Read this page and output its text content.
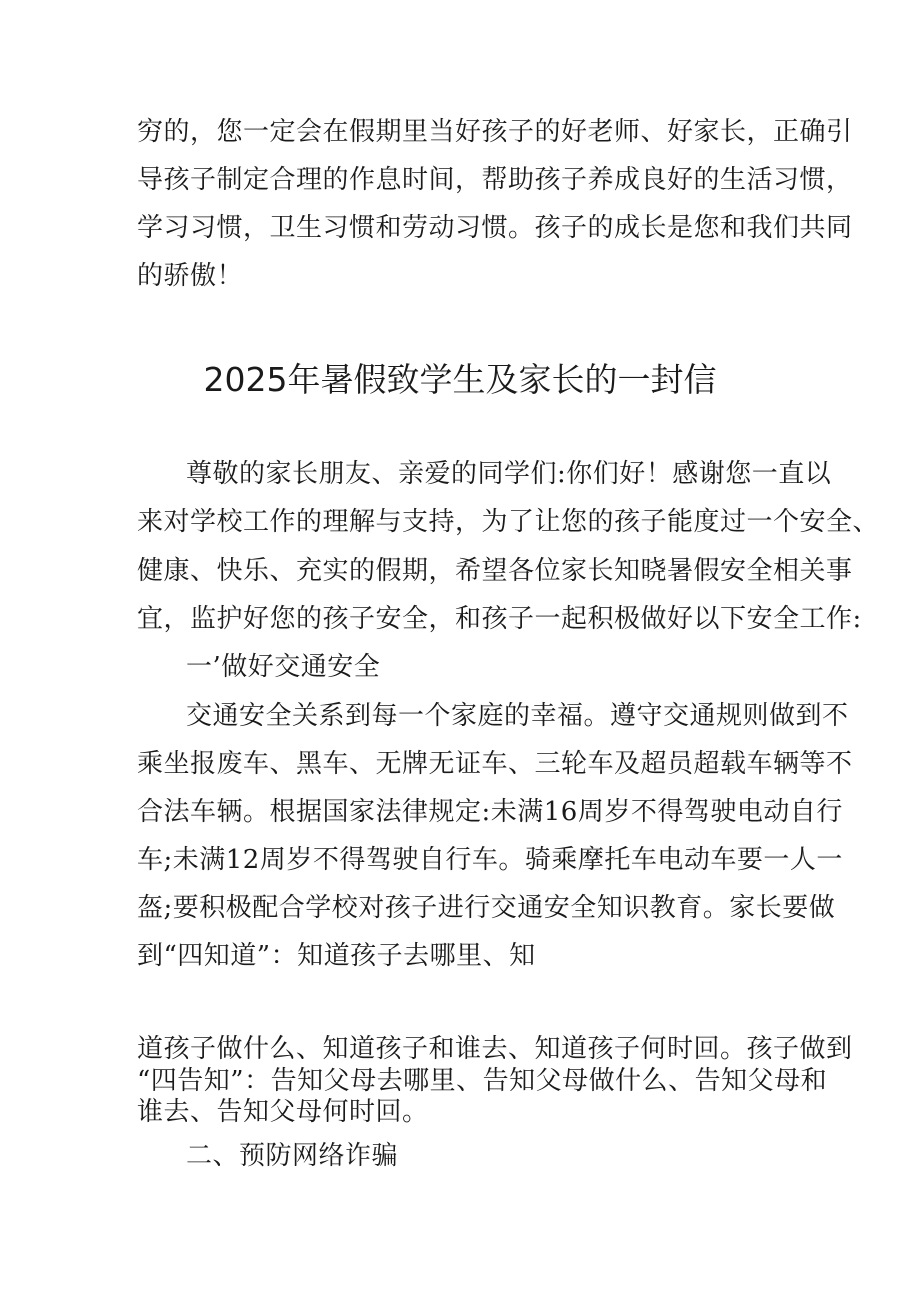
穷的，您一定会在假期里当好孩子的好老师、好家长，正确引
导孩子制定合理的作息时间，帮助孩子养成良好的生活习惯，
学习习惯，卫生习惯和劳动习惯。孩子的成长是您和我们共同
的骄傲！
2025年暑假致学生及家长的一封信
尊敬的家长朋友、亲爱的同学们:你们好！感谢您一直以
来对学校工作的理解与支持，为了让您的孩子能度过一个安全、
健康、快乐、充实的假期，希望各位家长知晓暑假安全相关事
宜，监护好您的孩子安全，和孩子一起积极做好以下安全工作:
一’做好交通安全
交通安全关系到每一个家庭的幸福。遵守交通规则做到不
乘坐报废车、黑车、无牌无证车、三轮车及超员超载车辆等不
合法车辆。根据国家法律规定:未满16周岁不得驾驶电动自行
车;未满12周岁不得驾驶自行车。骑乘摩托车电动车要一人一
盔;要积极配合学校对孩子进行交通安全知识教育。家长要做
到“四知道”：知道孩子去哪里、知
道孩子做什么、知道孩子和谁去、知道孩子何时回。孩子做到
“四告知”：告知父母去哪里、告知父母做什么、告知父母和
谁去、告知父母何时回。
二、预防网络诈骗
